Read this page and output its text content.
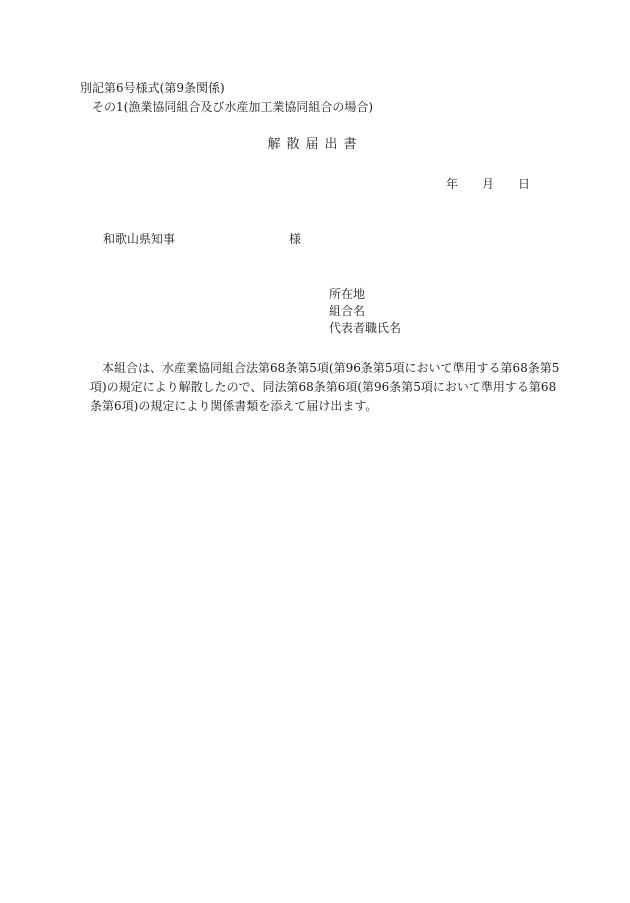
別記第6号様式(第9条関係)
その1(漁業協同組合及び水産加工業協同組合の場合)
解散届出書
年	月	日
和歌山県知事	様
所在地
組合名
代表者職氏名
本組合は、水産業協同組合法第68条第5項(第96条第5項において準用する第68条第5項)の規定により解散したので、同法第68条第6項(第96条第5項において準用する第68条第6項)の規定により関係書類を添えて届け出ます。
